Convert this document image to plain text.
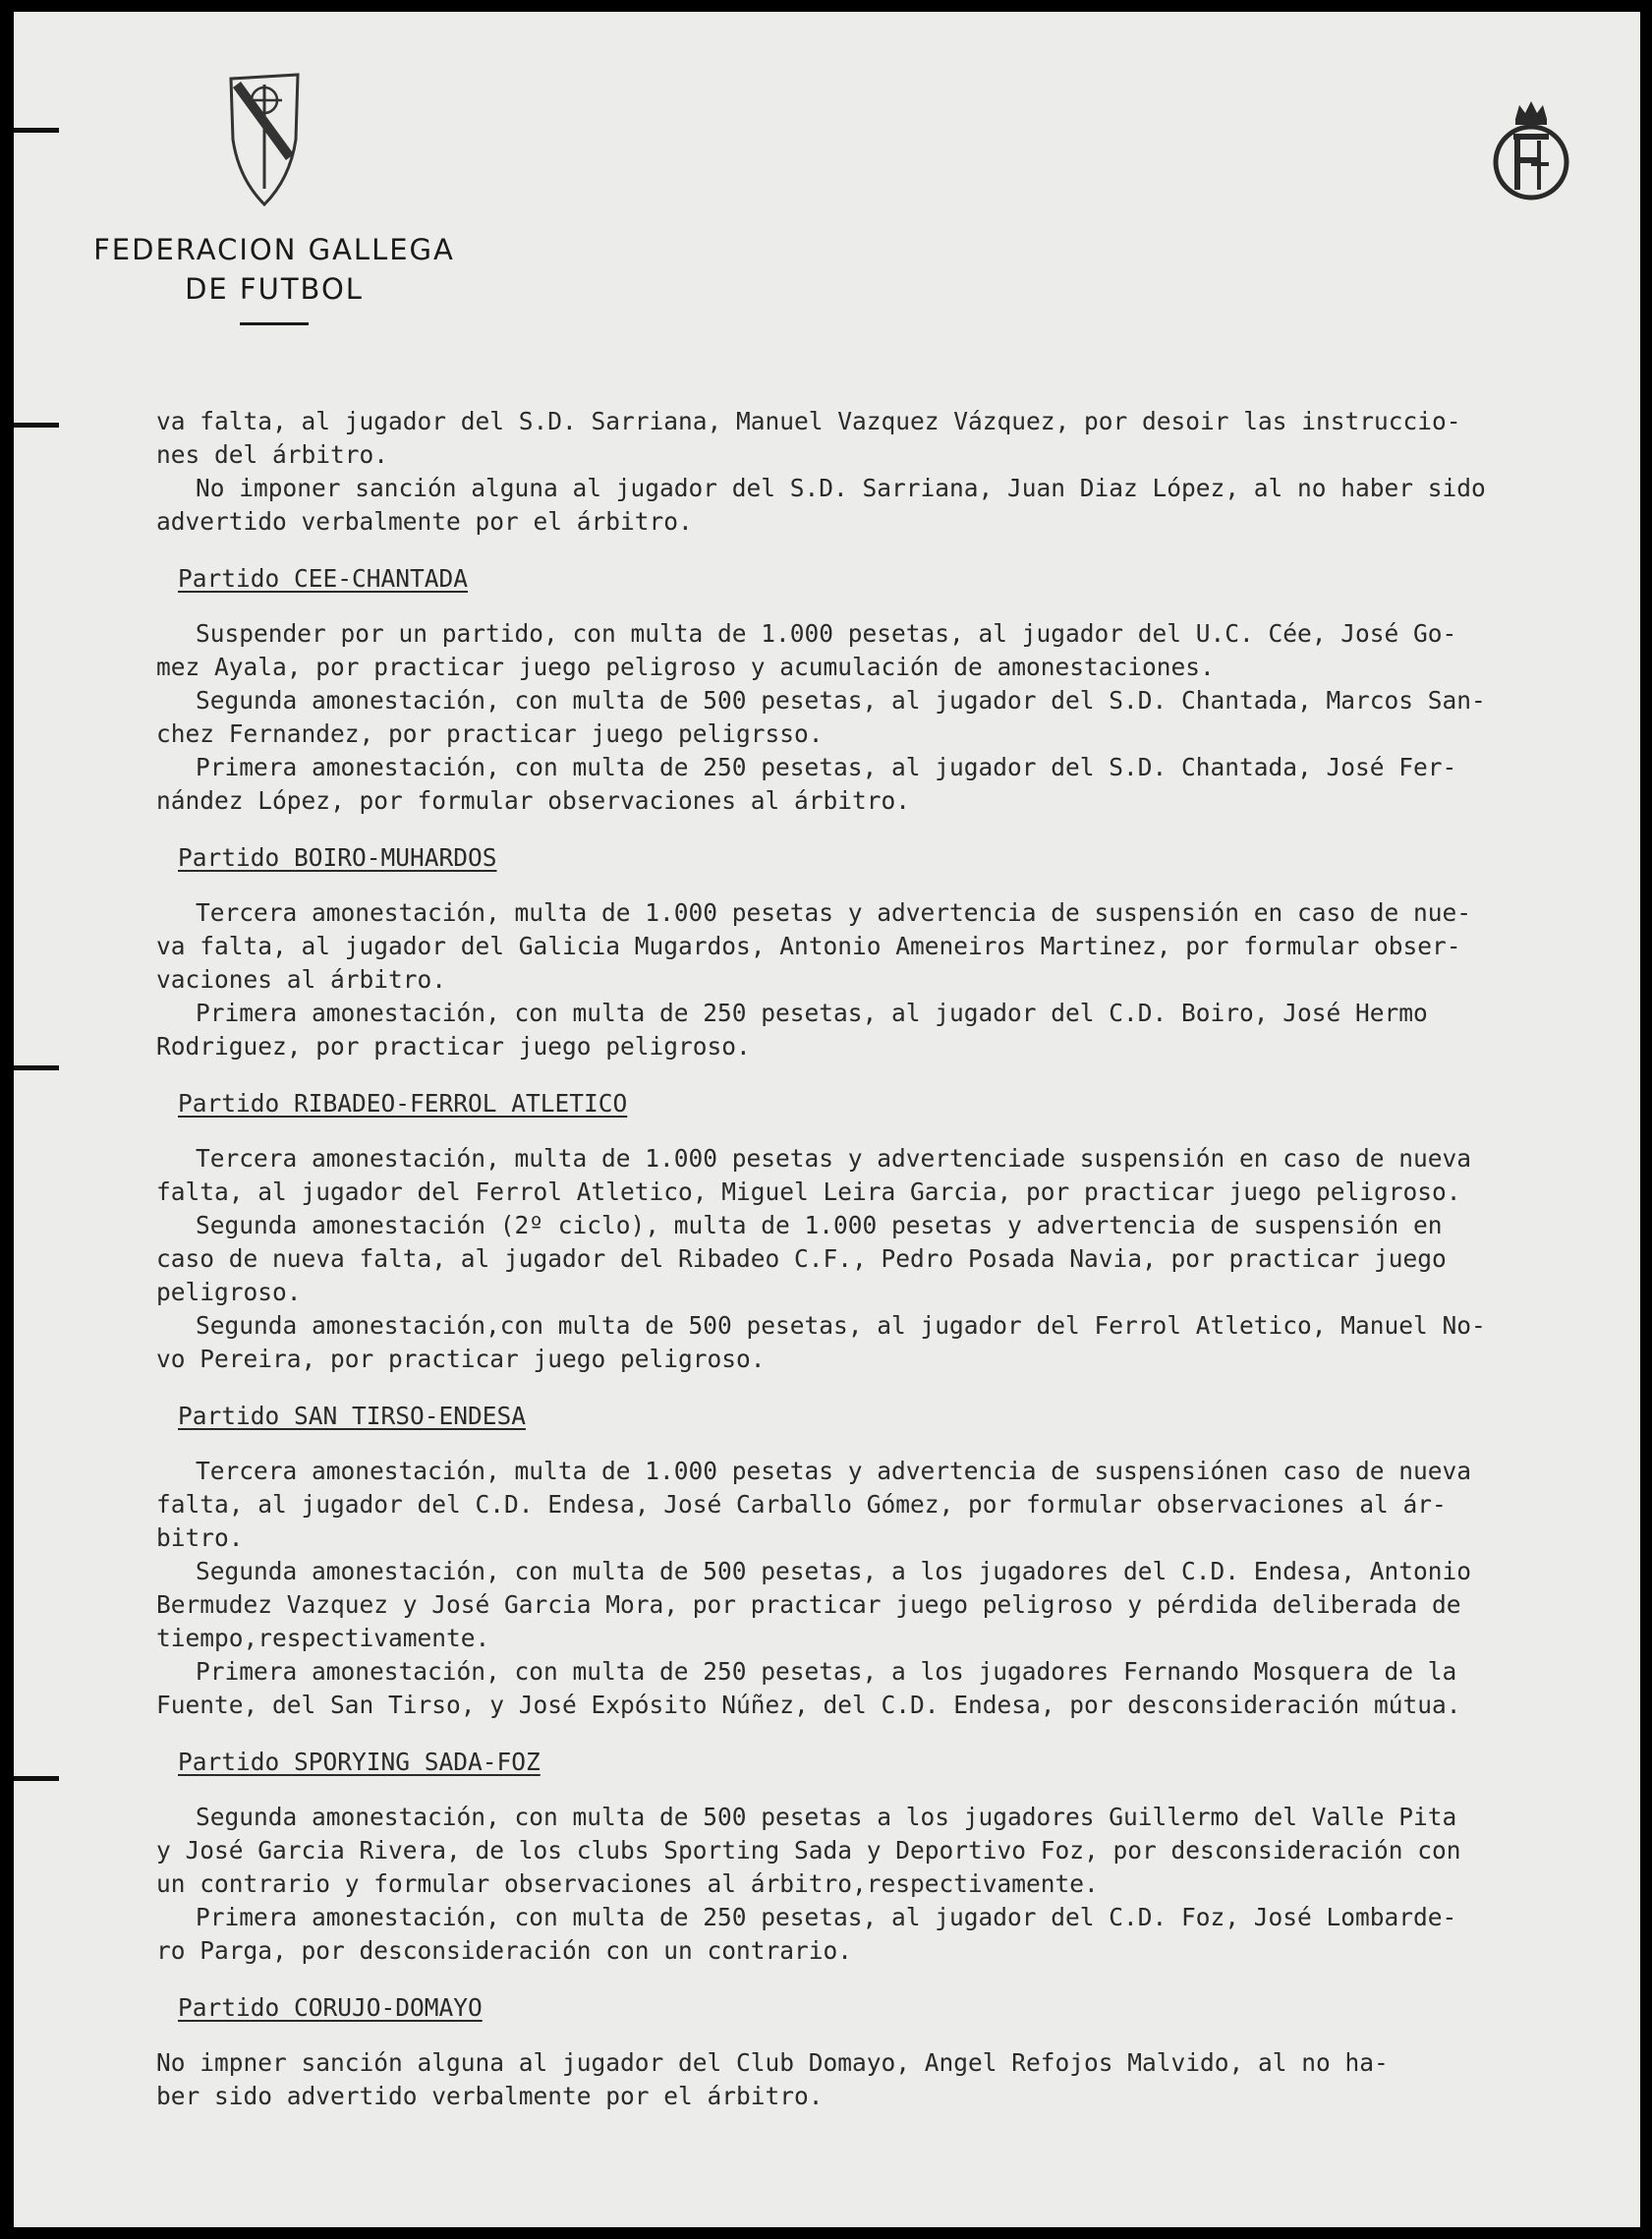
FEDERACION GALLEGA
DE FUTBOL
va falta, al jugador del S.D. Sarriana, Manuel Vazquez Vázquez, por desoir las instruccio-
nes del árbitro.
No imponer sanción alguna al jugador del S.D. Sarriana, Juan Diaz López, al no haber sido
advertido verbalmente por el árbitro.
Partido CEE-CHANTADA
Suspender por un partido, con multa de 1.000 pesetas, al jugador del U.C. Cée, José Go-
mez Ayala, por practicar juego peligroso y acumulación de amonestaciones.
Segunda amonestación, con multa de 500 pesetas, al jugador del S.D. Chantada, Marcos San-
chez Fernandez, por practicar juego peligrsso.
Primera amonestación, con multa de 250 pesetas, al jugador del S.D. Chantada, José Fer-
nández López, por formular observaciones al árbitro.
Partido BOIRO-MUHARDOS
Tercera amonestación, multa de 1.000 pesetas y advertencia de suspensión en caso de nue-
va falta, al jugador del Galicia Mugardos, Antonio Ameneiros Martinez, por formular obser-
vaciones al árbitro.
Primera amonestación, con multa de 250 pesetas, al jugador del C.D. Boiro, José Hermo
Rodriguez, por practicar juego peligroso.
Partido RIBADEO-FERROL ATLETICO
Tercera amonestación, multa de 1.000 pesetas y advertenciade suspensión en caso de nueva
falta, al jugador del Ferrol Atletico, Miguel Leira Garcia, por practicar juego peligroso.
Segunda amonestación (2º ciclo), multa de 1.000 pesetas y advertencia de suspensión en
caso de nueva falta, al jugador del Ribadeo C.F., Pedro Posada Navia, por practicar juego
peligroso.
Segunda amonestación,con multa de 500 pesetas, al jugador del Ferrol Atletico, Manuel No-
vo Pereira, por practicar juego peligroso.
Partido SAN TIRSO-ENDESA
Tercera amonestación, multa de 1.000 pesetas y advertencia de suspensiónen caso de nueva
falta, al jugador del C.D. Endesa, José Carballo Gómez, por formular observaciones al ár-
bitro.
Segunda amonestación, con multa de 500 pesetas, a los jugadores del C.D. Endesa, Antonio
Bermudez Vazquez y José Garcia Mora, por practicar juego peligroso y pérdida deliberada de
tiempo,respectivamente.
Primera amonestación, con multa de 250 pesetas, a los jugadores Fernando Mosquera de la
Fuente, del San Tirso, y José Expósito Núñez, del C.D. Endesa, por desconsideración mútua.
Partido SPORYING SADA-FOZ
Segunda amonestación, con multa de 500 pesetas a los jugadores Guillermo del Valle Pita
y José Garcia Rivera, de los clubs Sporting Sada y Deportivo Foz, por desconsideración con
un contrario y formular observaciones al árbitro,respectivamente.
Primera amonestación, con multa de 250 pesetas, al jugador del C.D. Foz, José Lombarde-
ro Parga, por desconsideración con un contrario.
Partido CORUJO-DOMAYO
No impner sanción alguna al jugador del Club Domayo, Angel Refojos Malvido, al no ha-
ber sido advertido verbalmente por el árbitro.
